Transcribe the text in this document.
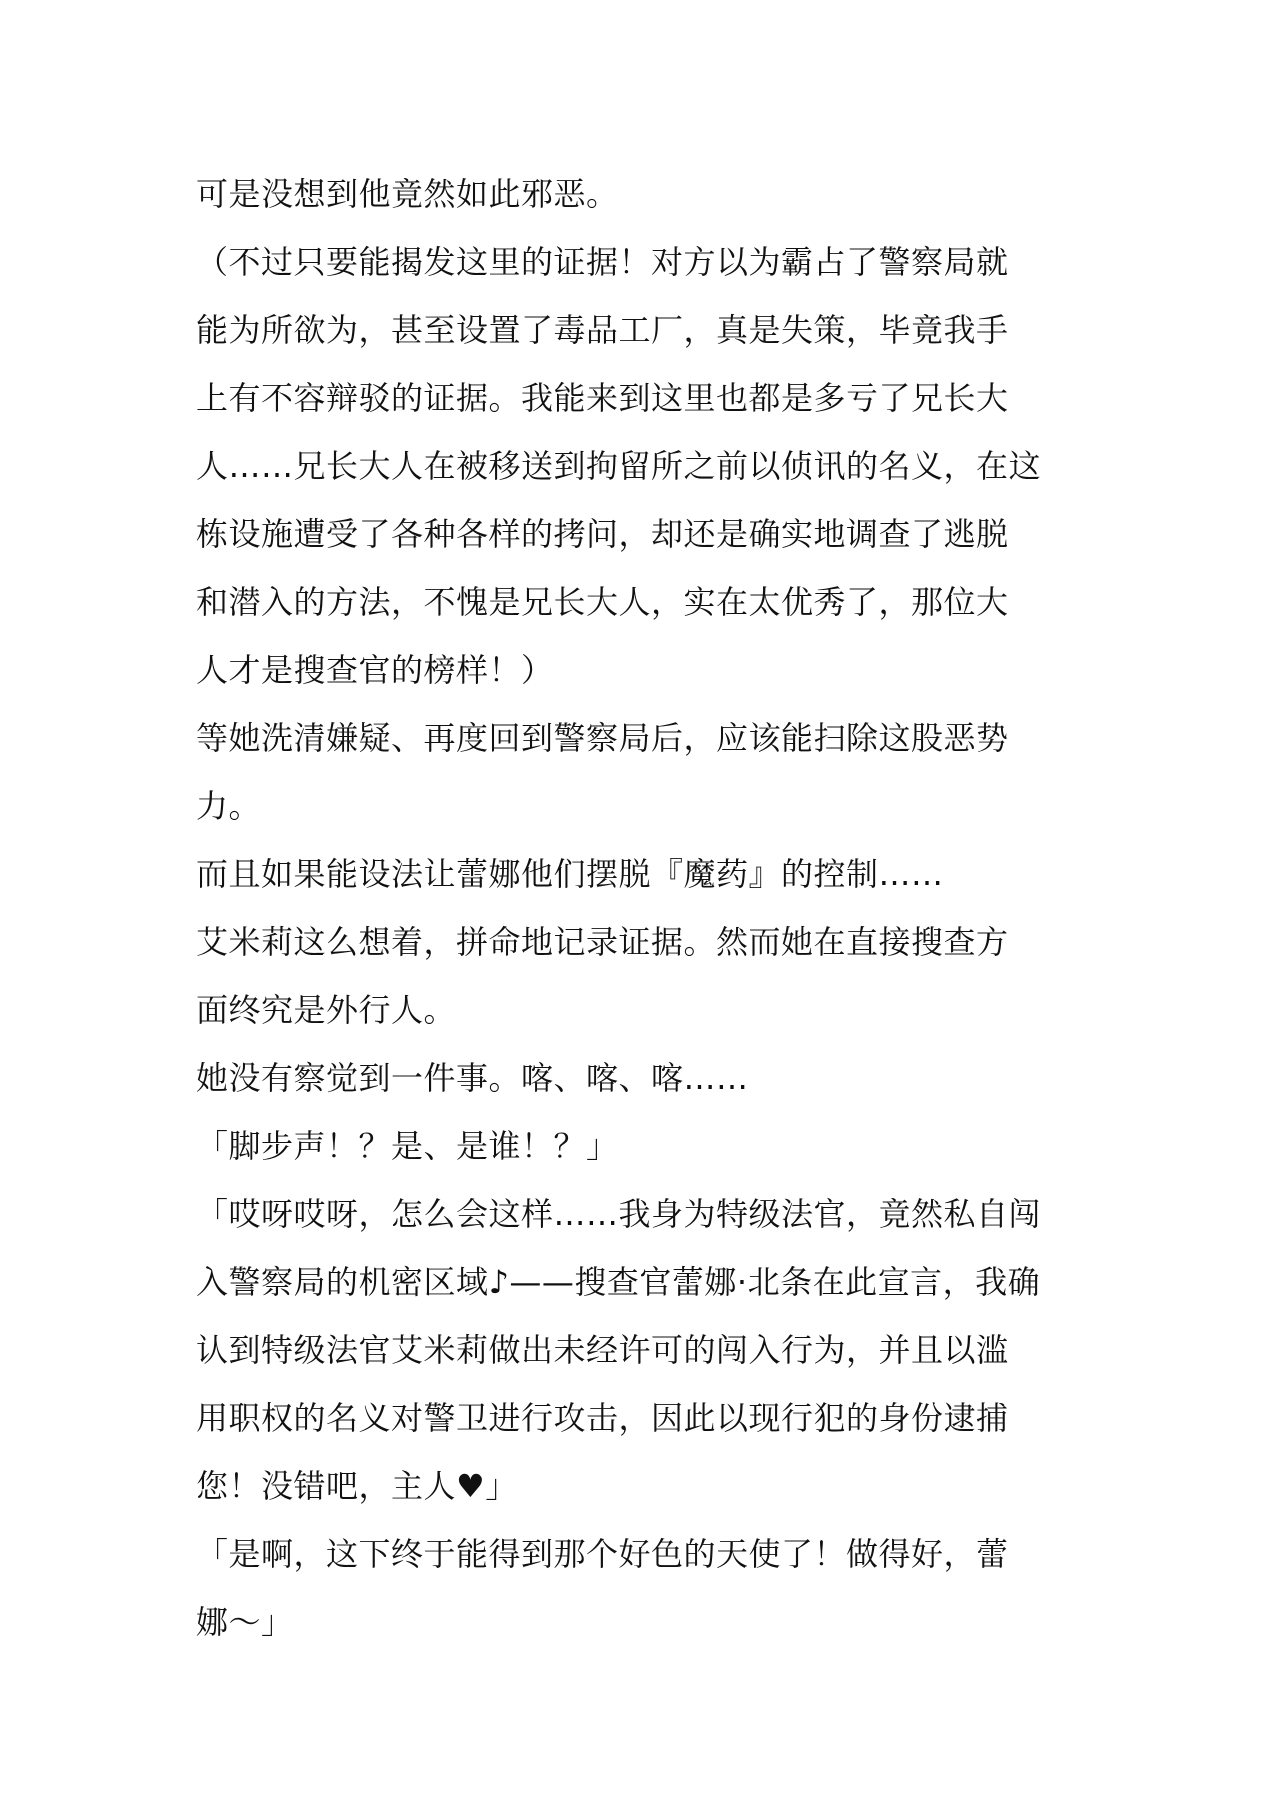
可是没想到他竟然如此邪恶。
（不过只要能揭发这里的证据！对方以为霸占了警察局就
能为所欲为，甚至设置了毒品工厂，真是失策，毕竟我手
上有不容辩驳的证据。我能来到这里也都是多亏了兄长大
人……兄长大人在被移送到拘留所之前以侦讯的名义，在这
栋设施遭受了各种各样的拷问，却还是确实地调查了逃脱
和潜入的方法，不愧是兄长大人，实在太优秀了，那位大
人才是搜查官的榜样！）
等她洗清嫌疑、再度回到警察局后，应该能扫除这股恶势
力。
而且如果能设法让蕾娜他们摆脱『魔药』的控制……
艾米莉这么想着，拼命地记录证据。然而她在直接搜查方
面终究是外行人。
她没有察觉到一件事。喀、喀、喀……
「脚步声！？是、是谁！？」
「哎呀哎呀，怎么会这样……我身为特级法官，竟然私自闯
入警察局的机密区域♪——搜查官蕾娜·北条在此宣言，我确
认到特级法官艾米莉做出未经许可的闯入行为，并且以滥
用职权的名义对警卫进行攻击，因此以现行犯的身份逮捕
您！没错吧，主人♥」
「是啊，这下终于能得到那个好色的天使了！做得好，蕾
娜～」
